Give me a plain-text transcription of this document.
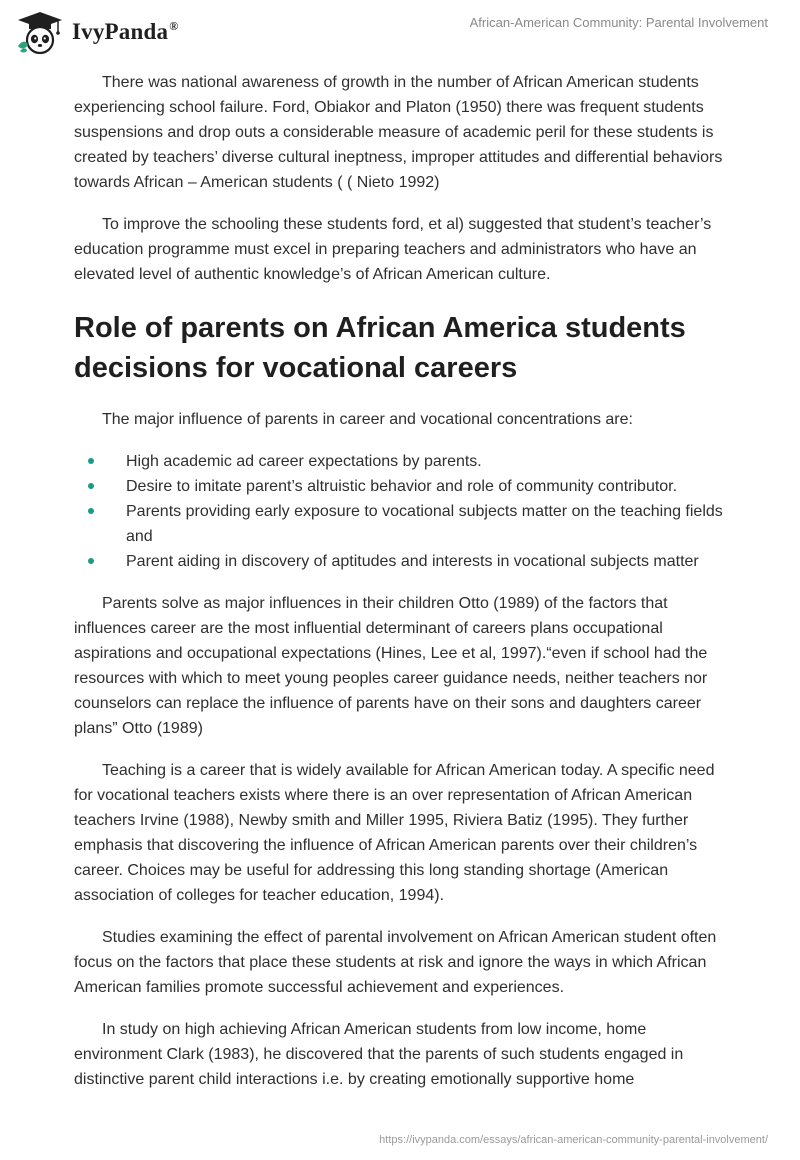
IvyPanda®	African-American Community: Parental Involvement

There was national awareness of growth in the number of African American students experiencing school failure. Ford, Obiakor and Platon (1950) there was frequent students suspensions and drop outs a considerable measure of academic peril for these students is created by teachers’ diverse cultural ineptness, improper attitudes and differential behaviors towards African – American students ( ( Nieto 1992)

To improve the schooling these students ford, et al) suggested that student’s teacher’s education programme must excel in preparing teachers and administrators who have an elevated level of authentic knowledge’s of African American culture.

Role of parents on African America students decisions for vocational careers

The major influence of parents in career and vocational concentrations are:

High academic ad career expectations by parents.
Desire to imitate parent’s altruistic behavior and role of community contributor.
Parents providing early exposure to vocational subjects matter on the teaching fields and
Parent aiding in discovery of aptitudes and interests in vocational subjects matter

Parents solve as major influences in their children Otto (1989) of the factors that influences career are the most influential determinant of careers plans occupational aspirations and occupational expectations (Hines, Lee et al, 1997).“even if school had the resources with which to meet young peoples career guidance needs, neither teachers nor counselors can replace the influence of parents have on their sons and daughters career plans” Otto (1989)

Teaching is a career that is widely available for African American today. A specific need for vocational teachers exists where there is an over representation of African American teachers Irvine (1988), Newby smith and Miller 1995, Riviera Batiz (1995). They further emphasis that discovering the influence of African American parents over their children’s career. Choices may be useful for addressing this long standing shortage (American association of colleges for teacher education, 1994).

Studies examining the effect of parental involvement on African American student often focus on the factors that place these students at risk and ignore the ways in which African American families promote successful achievement and experiences.

In study on high achieving African American students from low income, home environment Clark (1983), he discovered that the parents of such students engaged in distinctive parent child interactions i.e. by creating emotionally supportive home

https://ivypanda.com/essays/african-american-community-parental-involvement/
